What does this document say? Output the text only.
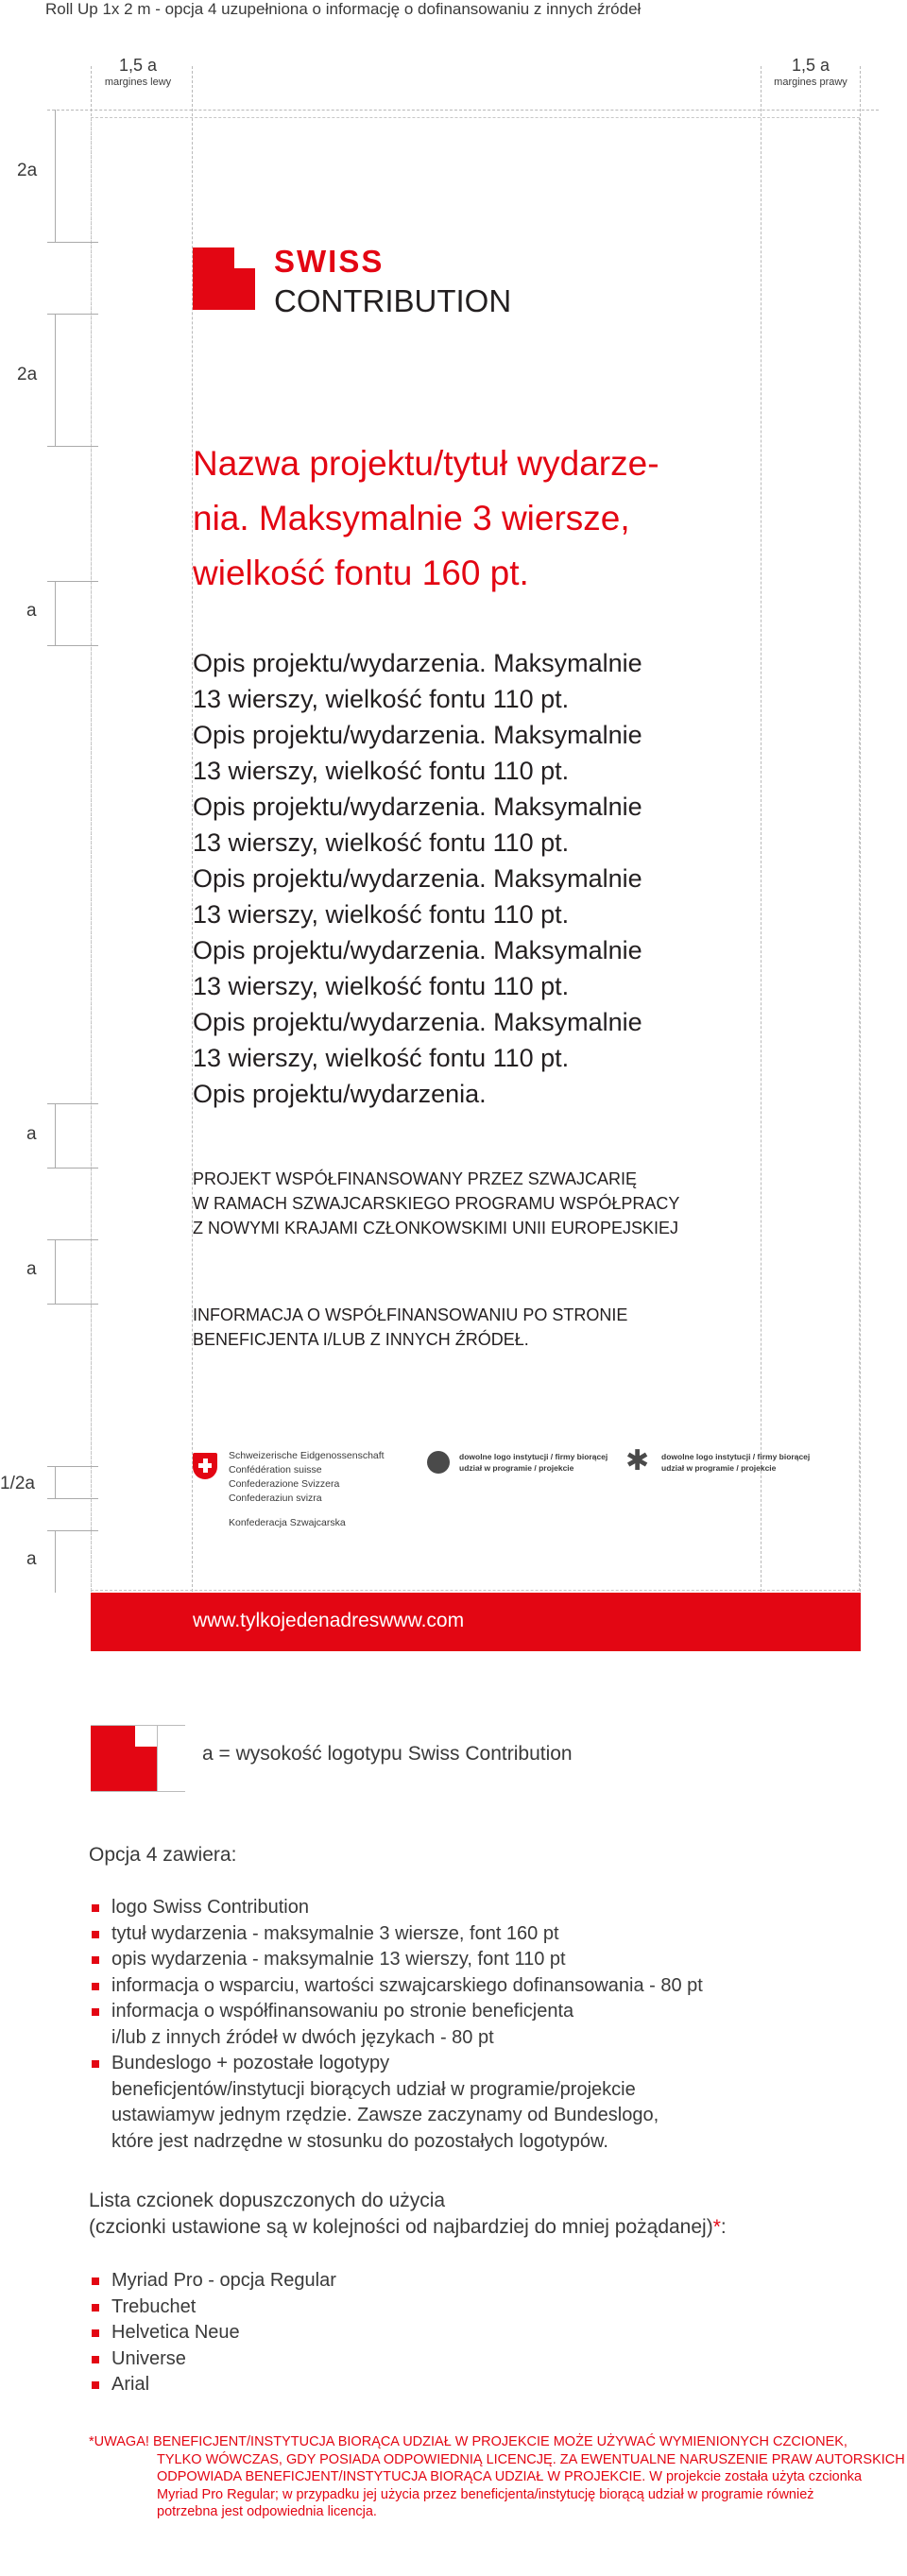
Roll Up 1x 2 m - opcja 4 uzupełniona o informację o dofinansowaniu z innych źródeł
1,5 a
margines lewy
1,5 a
margines prawy
2a
2a
a
a
a
1/2a
a
SWISS
CONTRIBUTION
Nazwa projektu/tytuł wydarze-
nia. Maksymalnie 3 wiersze,
wielkość fontu 160 pt.
Opis projektu/wydarzenia. Maksymalnie
13 wierszy, wielkość fontu 110 pt.
Opis projektu/wydarzenia. Maksymalnie
13 wierszy, wielkość fontu 110 pt.
Opis projektu/wydarzenia. Maksymalnie
13 wierszy, wielkość fontu 110 pt.
Opis projektu/wydarzenia. Maksymalnie
13 wierszy, wielkość fontu 110 pt.
Opis projektu/wydarzenia. Maksymalnie
13 wierszy, wielkość fontu 110 pt.
Opis projektu/wydarzenia. Maksymalnie
13 wierszy, wielkość fontu 110 pt.
Opis projektu/wydarzenia.
PROJEKT WSPÓŁFINANSOWANY PRZEZ SZWAJCARIĘ
W RAMACH SZWAJCARSKIEGO PROGRAMU WSPÓŁPRACY
Z NOWYMI KRAJAMI CZŁONKOWSKIMI UNII EUROPEJSKIEJ
INFORMACJA O WSPÓŁFINANSOWANIU PO STRONIE
BENEFICJENTA I/LUB Z INNYCH ŹRÓDEŁ.
Schweizerische Eidgenossenschaft
Confédération suisse
Confederazione Svizzera
Confederaziun svizra
Konfederacja Szwajcarska
dowolne logo instytucji / firmy biorącej
udział w programie / projekcie	✱ dowolne logo instytucji / firmy biorącej
udział w programie / projekcie
www.tylkojedenadreswww.com
a = wysokość logotypu Swiss Contribution
Opcja 4 zawiera:
logo Swiss Contribution
tytuł wydarzenia - maksymalnie 3 wiersze, font 160 pt
opis wydarzenia - maksymalnie 13 wierszy, font 110 pt
informacja o wsparciu, wartości szwajcarskiego dofinansowania - 80 pt
informacja o współfinansowaniu po stronie beneficjenta
i/lub z innych źródeł w dwóch językach - 80 pt
Bundeslogo + pozostałe logotypy
beneficjentów/instytucji biorących udział w programie/projekcie
ustawiamyw jednym rzędzie. Zawsze zaczynamy od Bundeslogo,
które jest nadrzędne w stosunku do pozostałych logotypów.
Lista czcionek dopuszczonych do użycia
(czcionki ustawione są w kolejności od najbardziej do mniej pożądanej)*:
Myriad Pro - opcja Regular
Trebuchet
Helvetica Neue
Universe
Arial
*UWAGA! BENEFICJENT/INSTYTUCJA BIORĄCA UDZIAŁ W PROJEKCIE MOŻE UŻYWAĆ WYMIENIONYCH CZCIONEK,
TYLKO WÓWCZAS, GDY POSIADA ODPOWIEDNIĄ LICENCJĘ. ZA EWENTUALNE NARUSZENIE PRAW AUTORSKICH
ODPOWIADA BENEFICJENT/INSTYTUCJA BIORĄCA UDZIAŁ W PROJEKCIE. W projekcie została użyta czcionka
Myriad Pro Regular; w przypadku jej użycia przez beneficjenta/instytucję biorącą udział w programie również
potrzebna jest odpowiednia licencja.
